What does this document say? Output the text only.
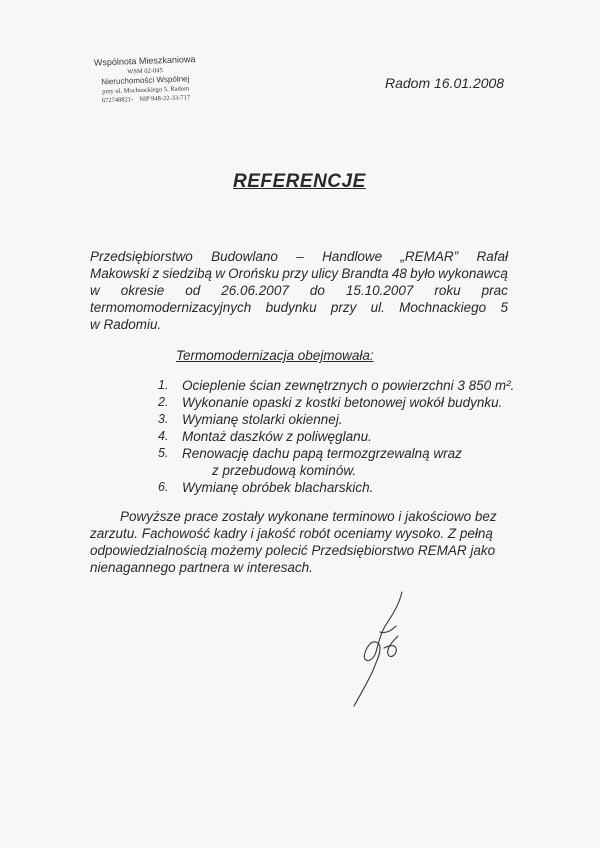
Wspólnota Mieszkaniowa
WSM 02-045
Nieruchomości Wspólnej
przy ul. Mochnackiego 5, Radom
672748821- NIP 948-22-33-717
Radom 16.01.2008
REFERENCJE
Przedsiębiorstwo Budowlano – Handlowe „REMAR” Rafał
Makowski z siedzibą w Orońsku przy ulicy Brandta 48 było wykonawcą
w okresie od 26.06.2007 do 15.10.2007 roku prac
termomomodernizacyjnych budynku przy ul. Mochnackiego 5
w Radomiu.
Termomodernizacja obejmowała:
1.	Ocieplenie ścian zewnętrznych o powierzchni 3 850 m².
2.	Wykonanie opaski z kostki betonowej wokół budynku.
3.	Wymianę stolarki okiennej.
4.	Montaż daszków z poliwęglanu.
5.	Renowację dachu papą termozgrzewalną wraz
z przebudową kominów.
6.	Wymianę obróbek blacharskich.
Powyższe prace zostały wykonane terminowo i jakościowo bez
zarzutu. Fachowość kadry i jakość robót oceniamy wysoko. Z pełną
odpowiedzialnością możemy polecić Przedsiębiorstwo REMAR jako
nienagannego partnera w interesach.
